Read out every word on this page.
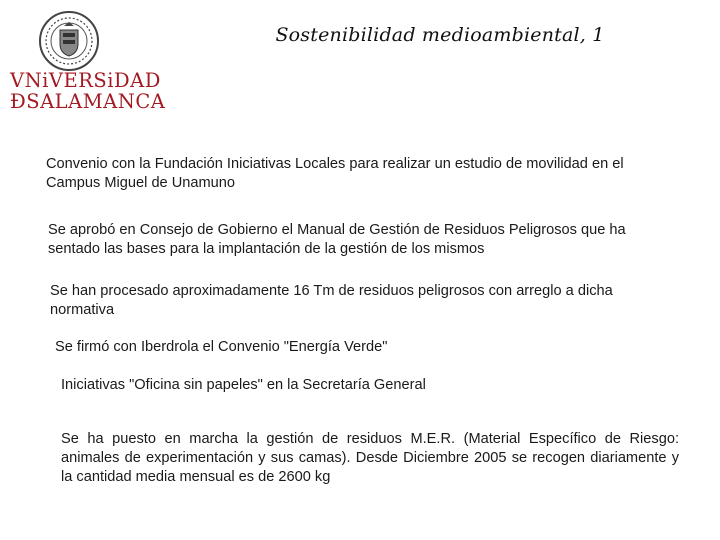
VNiVERSiDAD
ÐSALAMANCA
Sostenibilidad medioambiental, 1
Convenio con la Fundación Iniciativas Locales para realizar un estudio de movilidad en el Campus Miguel de Unamuno
Se aprobó en Consejo de Gobierno el Manual de Gestión de Residuos Peligrosos que ha sentado las bases para la implantación de la gestión de los mismos
Se han procesado aproximadamente 16 Tm de residuos peligrosos con arreglo a dicha normativa
Se firmó con Iberdrola el Convenio "Energía Verde"
Iniciativas "Oficina sin papeles" en la Secretaría General
Se ha puesto en marcha la gestión de residuos M.E.R. (Material Específico de Riesgo: animales de experimentación y sus camas). Desde Diciembre 2005 se recogen diariamente y la cantidad media mensual es de 2600 kg
